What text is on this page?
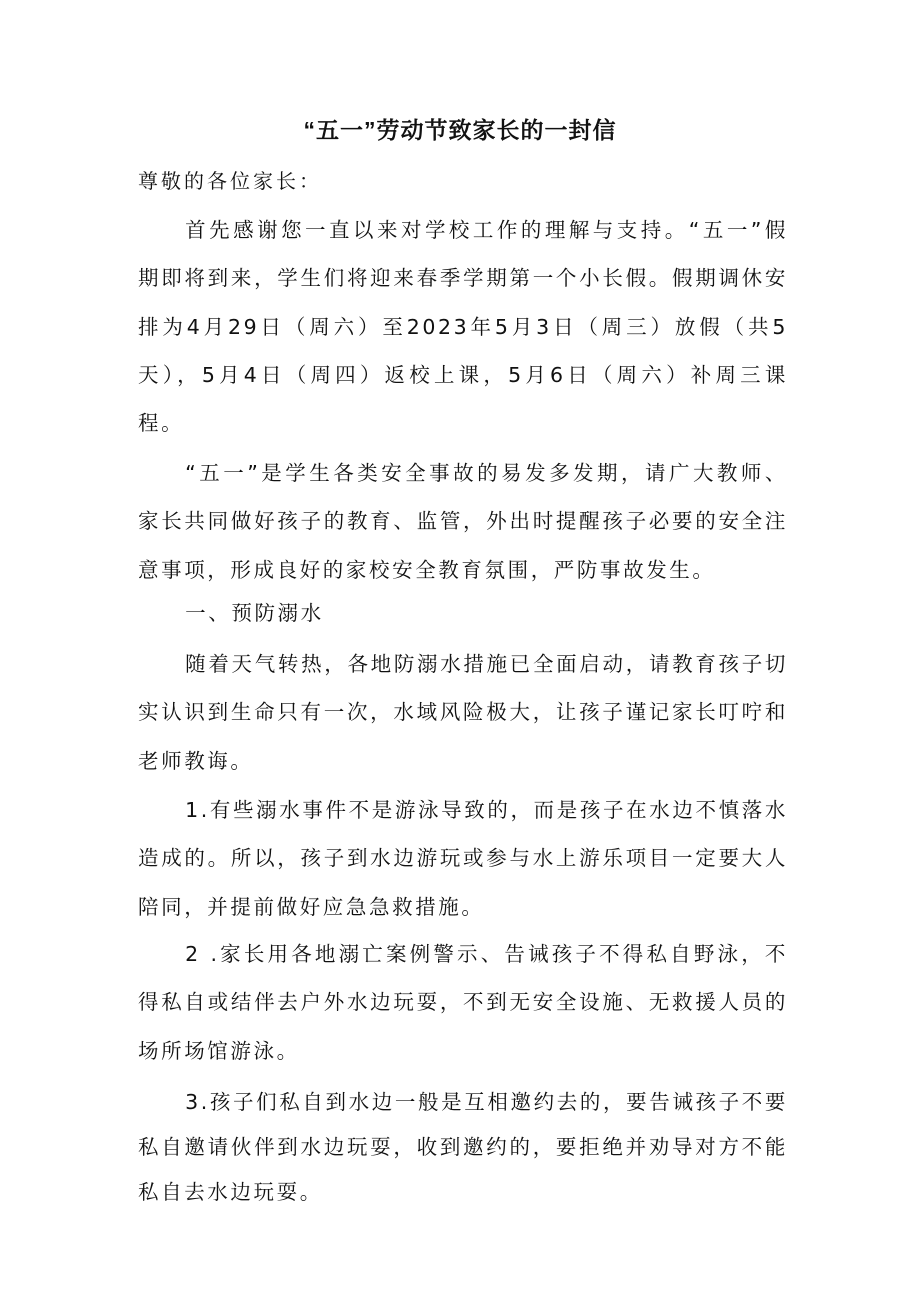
“五一”劳动节致家长的一封信
尊敬的各位家长：

首先感谢您一直以来对学校工作的理解与支持。“五一”假期即将到来，学生们将迎来春季学期第一个小长假。假期调休安排为4月29日（周六）至2023年5月3日（周三）放假（共5天），5月4日（周四）返校上课，5月6日（周六）补周三课程。

“五一”是学生各类安全事故的易发多发期，请广大教师、家长共同做好孩子的教育、监管，外出时提醒孩子必要的安全注意事项，形成良好的家校安全教育氛围，严防事故发生。

一、预防溺水

随着天气转热，各地防溺水措施已全面启动，请教育孩子切实认识到生命只有一次，水域风险极大，让孩子谨记家长叮咛和老师教诲。

1.有些溺水事件不是游泳导致的，而是孩子在水边不慎落水造成的。所以，孩子到水边游玩或参与水上游乐项目一定要大人陪同，并提前做好应急急救措施。

2 .家长用各地溺亡案例警示、告诫孩子不得私自野泳，不得私自或结伴去户外水边玩耍，不到无安全设施、无救援人员的场所场馆游泳。

3.孩子们私自到水边一般是互相邀约去的，要告诫孩子不要私自邀请伙伴到水边玩耍，收到邀约的，要拒绝并劝导对方不能私自去水边玩耍。
